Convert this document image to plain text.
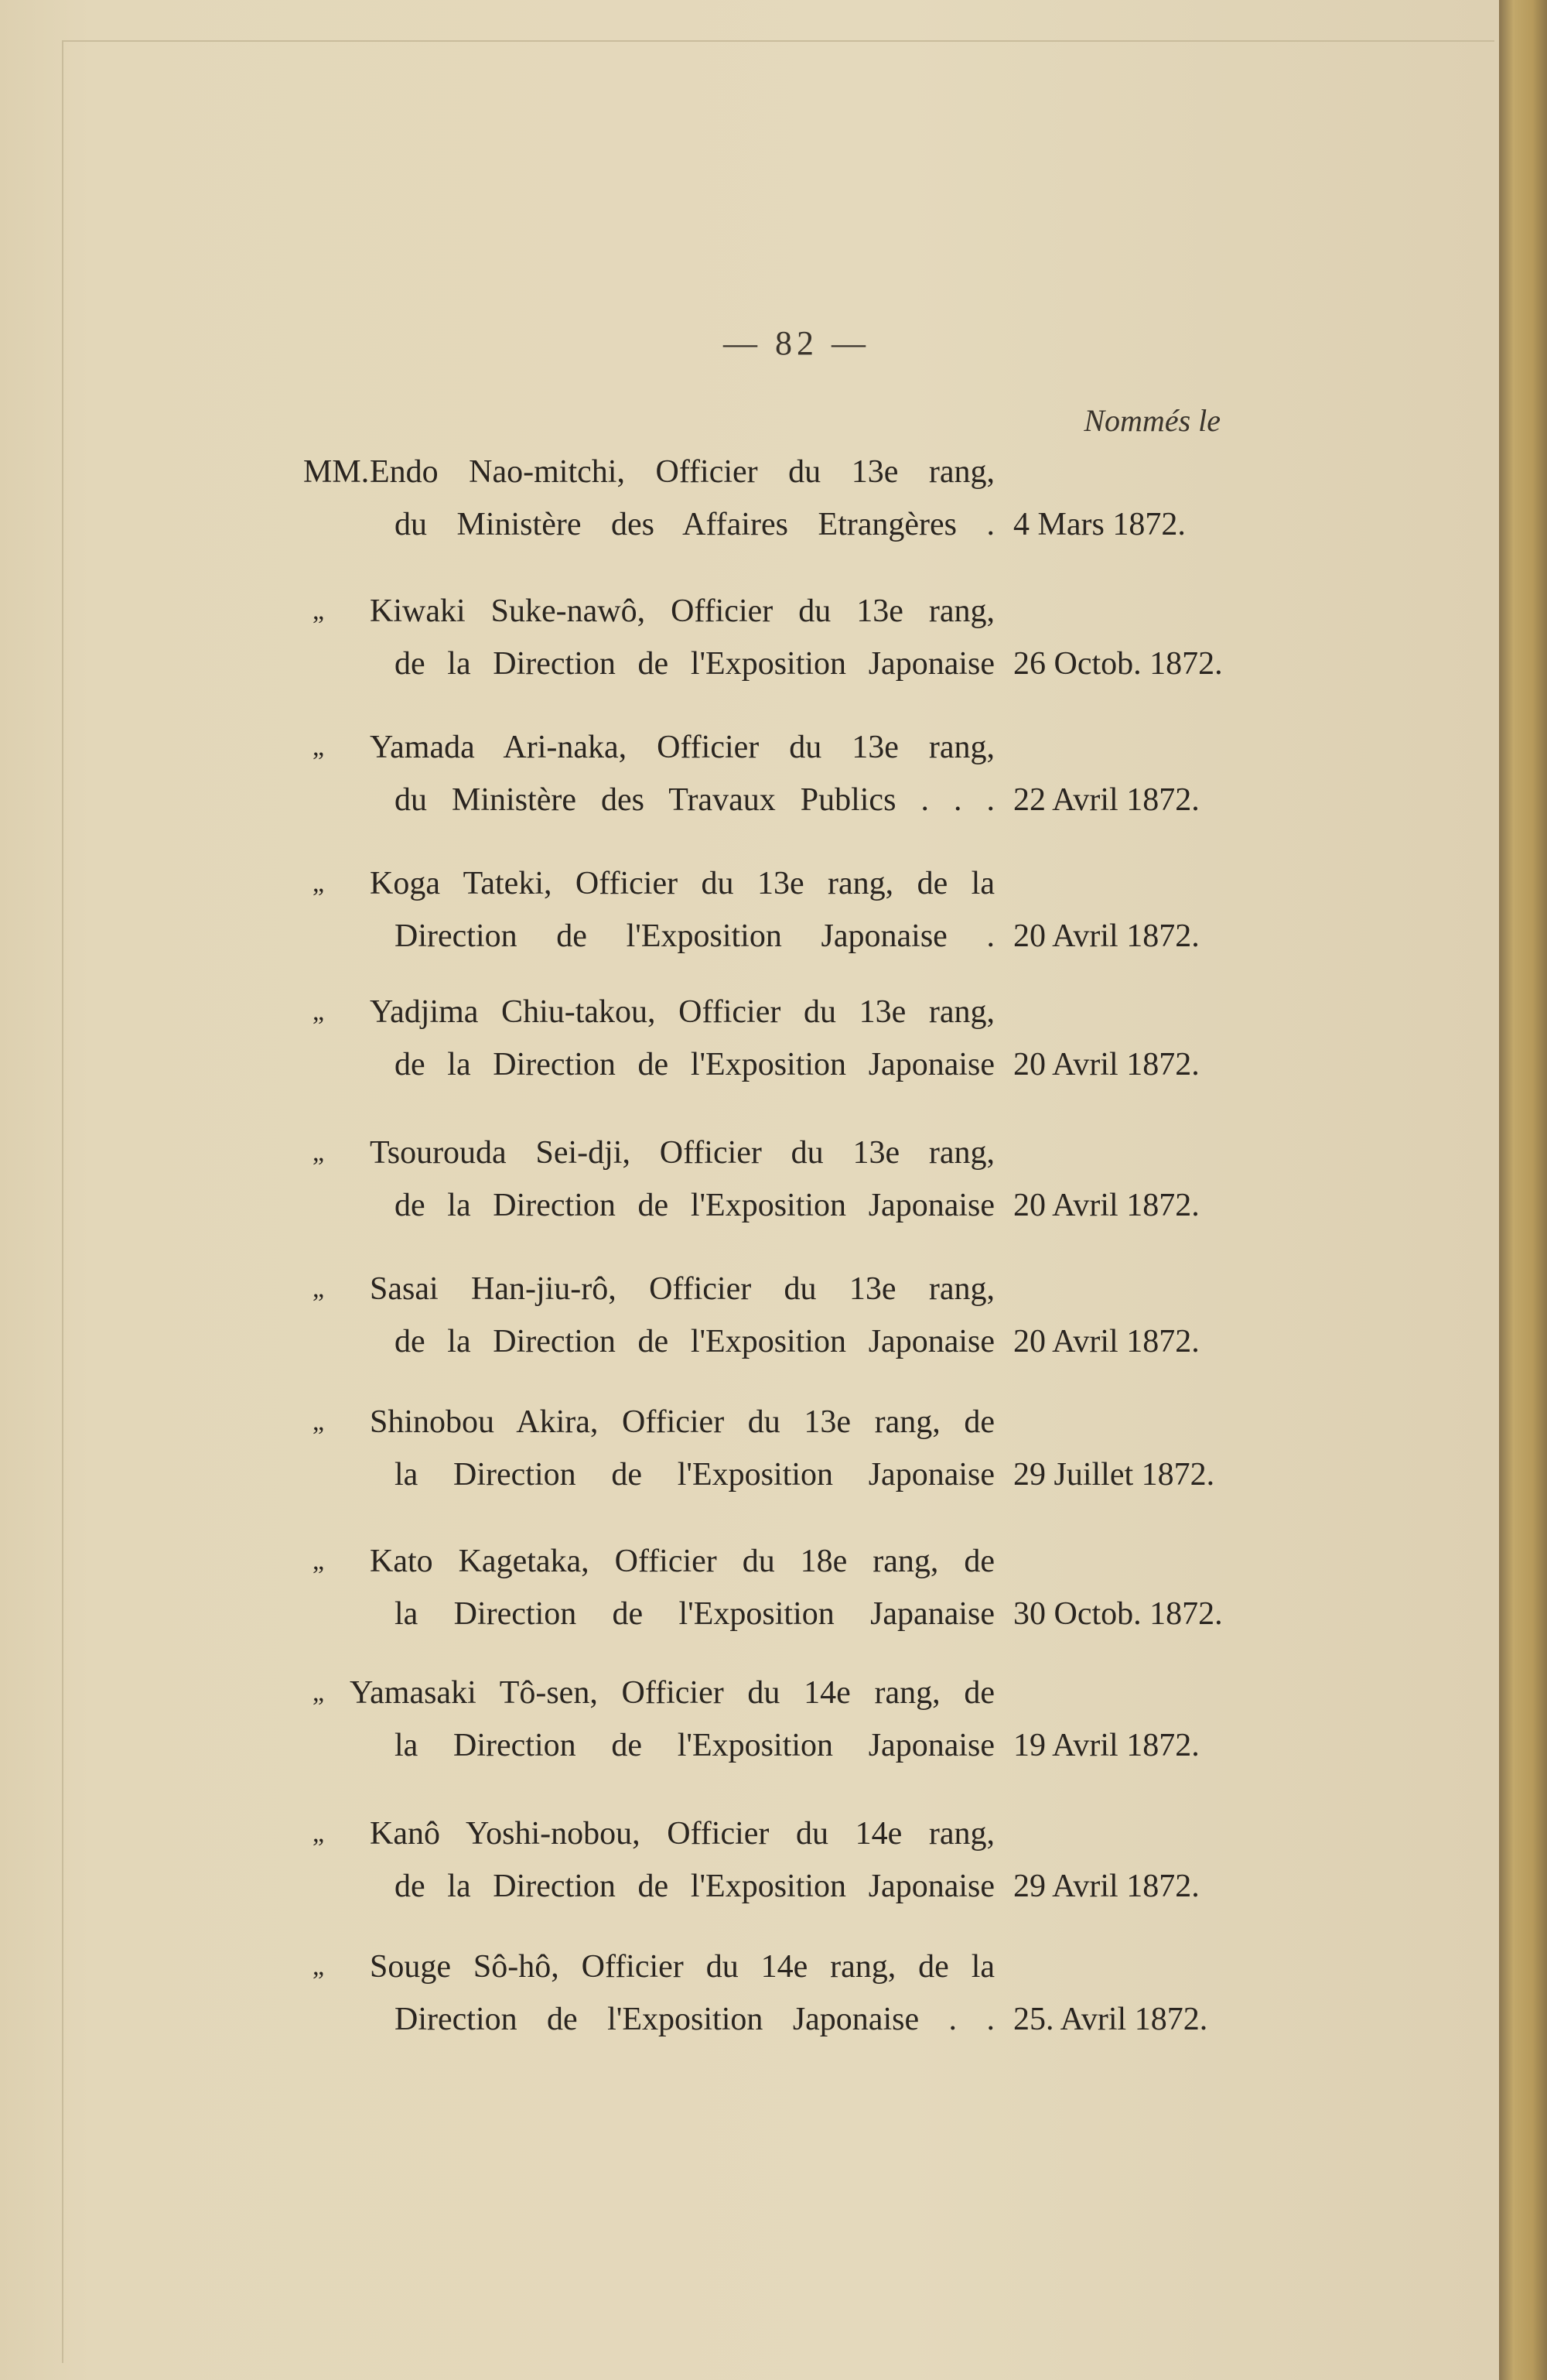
— 82 —
Nommés le
MM. Endo Nao-mitchi, Officier du 13e rang,
du Ministère des Affaires Etrangères . 4 Mars 1872.
„ Kiwaki Suke-nawô, Officier du 13e rang,
de la Direction de l'Exposition Japonaise 26 Octob. 1872.
„ Yamada Ari-naka, Officier du 13e rang,
du Ministère des Travaux Publics . . . 22 Avril 1872.
„ Koga Tateki, Officier du 13e rang, de la
Direction de l'Exposition Japonaise . 20 Avril 1872.
„ Yadjima Chiu-takou, Officier du 13e rang,
de la Direction de l'Exposition Japonaise 20 Avril 1872.
„ Tsourouda Sei-dji, Officier du 13e rang,
de la Direction de l'Exposition Japonaise 20 Avril 1872.
„ Sasai Han-jiu-rô, Officier du 13e rang,
de la Direction de l'Exposition Japonaise 20 Avril 1872.
„ Shinobou Akira, Officier du 13e rang, de
la Direction de l'Exposition Japonaise 29 Juillet 1872.
„ Kato Kagetaka, Officier du 18e rang, de
la Direction de l'Exposition Japanaise 30 Octob. 1872.
„ Yamasaki Tô-sen, Officier du 14e rang, de
la Direction de l'Exposition Japonaise 19 Avril 1872.
„ Kanô Yoshi-nobou, Officier du 14e rang,
de la Direction de l'Exposition Japonaise 29 Avril 1872.
„ Souge Sô-hô, Officier du 14e rang, de la
Direction de l'Exposition Japonaise . . 25. Avril 1872.
